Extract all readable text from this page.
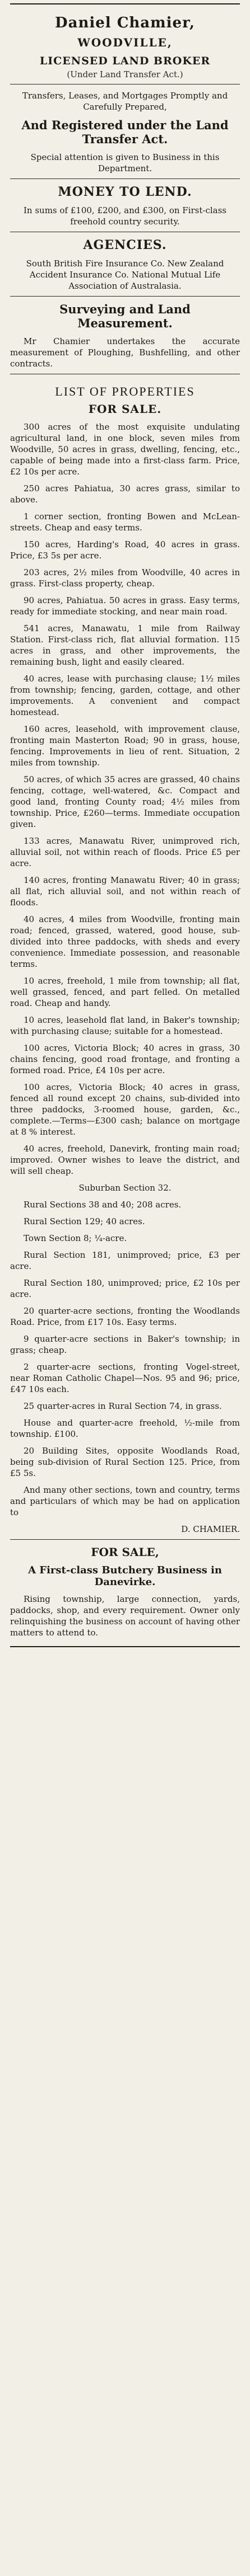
Daniel Chamier,
WOODVILLE,
LICENSED LAND BROKER
(Under Land Transfer Act.)

Transfers, Leases, and Mortgages Promptly and Carefully Prepared,

And Registered under the Land Transfer Act.

Special attention is given to Business in this Department.

MONEY TO LEND.

In sums of £100, £200, and £300, on First-class freehold country security.

AGENCIES.

South British Fire Insurance Co. New Zealand Accident Insurance Co. National Mutual Life Association of Australasia.

Surveying and Land Measurement.

Mr Chamier undertakes the accurate measurement of Ploughing, Bushfelling, and other contracts.

LIST OF PROPERTIES
FOR SALE.

300 acres of the most exquisite undulating agricultural land, in one block, seven miles from Woodville, 50 acres in grass, dwelling, fencing, etc., capable of being made into a first-class farm. Price, £2 10s per acre.

250 acres Pahiatua, 30 acres grass, similar to above.

1 corner section, fronting Bowen and McLean-streets. Cheap and easy terms.

150 acres, Harding's Road, 40 acres in grass. Price, £3 5s per acre.

203 acres, 2½ miles from Woodville, 40 acres in grass. First-class property, cheap.

90 acres, Pahiatua. 50 acres in grass. Easy terms, ready for immediate stocking, and near main road.

541 acres, Manawatu, 1 mile from Railway Station. First-class rich, flat alluvial formation. 115 acres in grass, and other improvements, the remaining bush, light and easily cleared.

40 acres, lease with purchasing clause; 1½ miles from township; fencing, garden, cottage, and other improvements. A convenient and compact homestead.

160 acres, leasehold, with improvement clause, fronting main Masterton Road; 90 in grass, house, fencing. Improvements in lieu of rent. Situation, 2 miles from township.

50 acres, of which 35 acres are grassed, 40 chains fencing, cottage, well-watered, &c. Compact and good land, fronting County road; 4½ miles from township. Price, £260—terms. Immediate occupation given.

133 acres, Manawatu River, unimproved rich, alluvial soil, not within reach of floods. Price £5 per acre.

140 acres, fronting Manawatu River; 40 in grass; all flat, rich alluvial soil, and not within reach of floods.

40 acres, 4 miles from Woodville, fronting main road; fenced, grassed, watered, good house, sub-divided into three paddocks, with sheds and every convenience. Immediate possession, and reasonable terms.

10 acres, freehold, 1 mile from township; all flat, well grassed, fenced, and part felled. On metalled road. Cheap and handy.

10 acres, leasehold flat land, in Baker's township; with purchasing clause; suitable for a homestead.

100 acres, Victoria Block; 40 acres in grass, 30 chains fencing, good road frontage, and fronting a formed road. Price, £4 10s per acre.

100 acres, Victoria Block; 40 acres in grass, fenced all round except 20 chains, sub-divided into three paddocks, 3-roomed house, garden, &c., complete.—Terms—£300 cash; balance on mortgage at 8 % interest.

40 acres, freehold, Danevirk, fronting main road; improved. Owner wishes to leave the district, and will sell cheap.

Suburban Section 32.

Rural Sections 38 and 40; 208 acres.

Rural Section 129; 40 acres.

Town Section 8; ¼-acre.

Rural Section 181, unimproved; price, £3 per acre.

Rural Section 180, unimproved; price, £2 10s per acre.

20 quarter-acre sections, fronting the Woodlands Road. Price, from £17 10s. Easy terms.

9 quarter-acre sections in Baker's township; in grass; cheap.

2 quarter-acre sections, fronting Vogel-street, near Roman Catholic Chapel—Nos. 95 and 96; price, £47 10s each.

25 quarter-acres in Rural Section 74, in grass.

House and quarter-acre freehold, ½-mile from township. £100.

20 Building Sites, opposite Woodlands Road, being sub-division of Rural Section 125. Price, from £5 5s.

And many other sections, town and country, terms and particulars of which may be had on application to

D. CHAMIER.

FOR SALE,
A First-class Butchery Business in Danevirke.

Rising township, large connection, yards, paddocks, shop, and every requirement. Owner only relinquishing the business on account of having other matters to attend to.
